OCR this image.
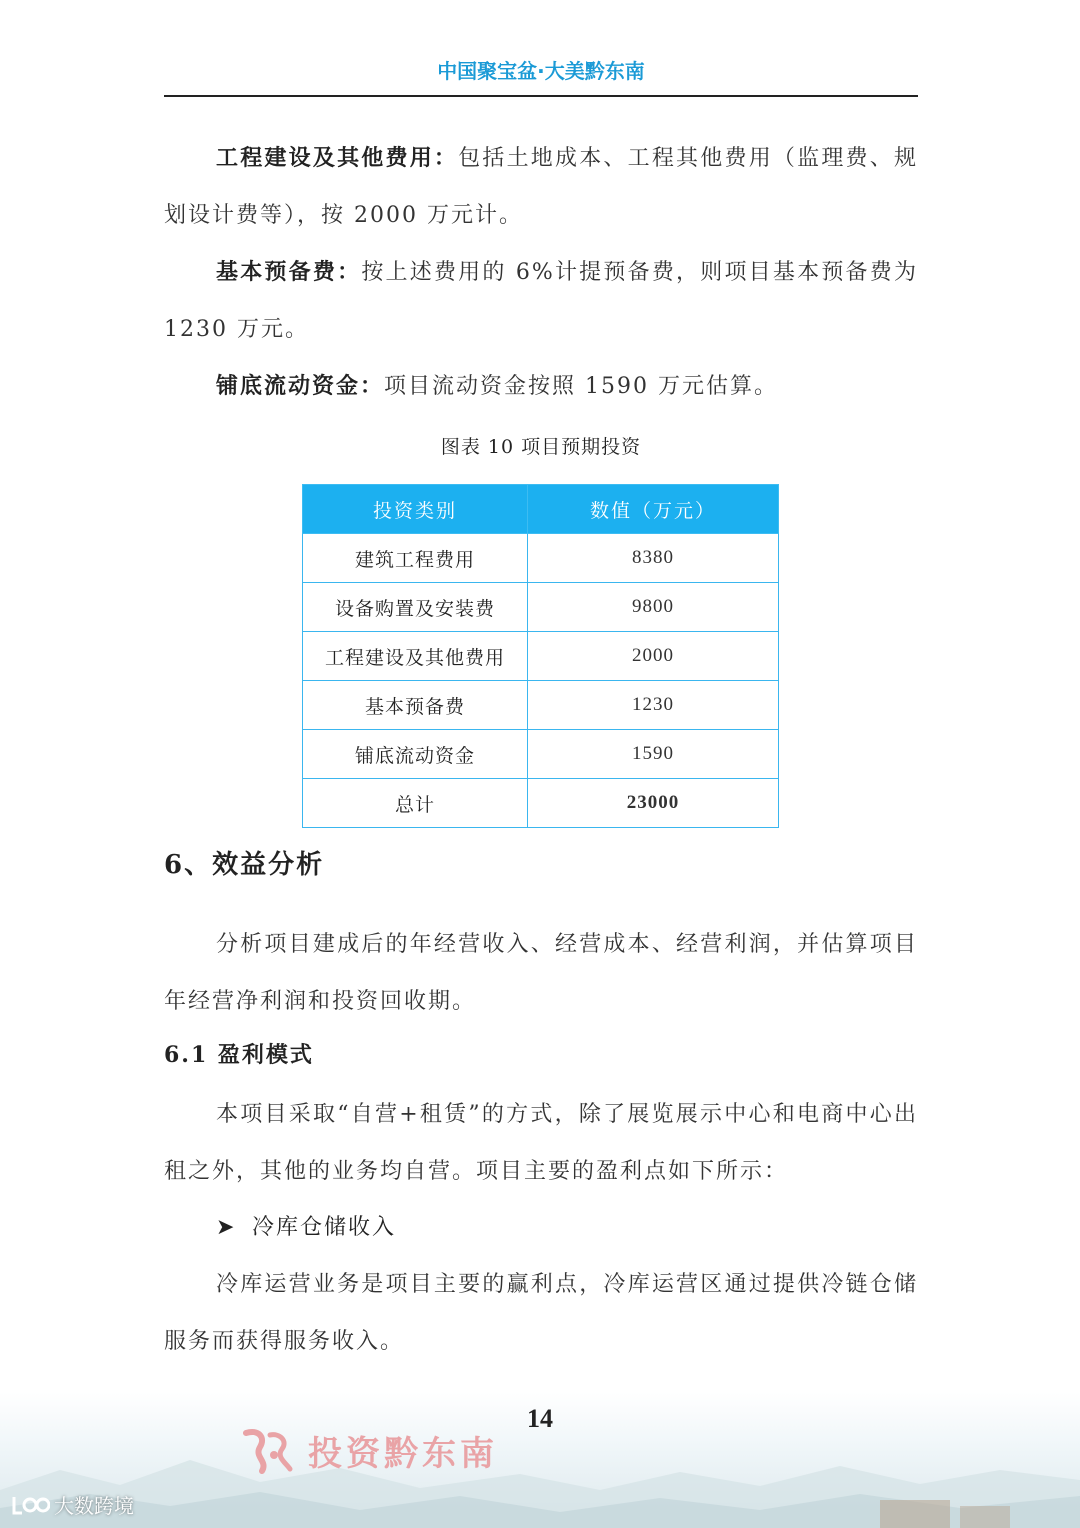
中国聚宝盆·大美黔东南

工程建设及其他费用：包括土地成本、工程其他费用（监理费、规划设计费等），按 2000 万元计。

基本预备费：按上述费用的 6%计提预备费，则项目基本预备费为 1230 万元。

铺底流动资金：项目流动资金按照 1590 万元估算。

图表 10 项目预期投资
投资类别	数值（万元）
建筑工程费用	8380
设备购置及安装费	9800
工程建设及其他费用	2000
基本预备费	1230
铺底流动资金	1590
总计	23000
6、效益分析

分析项目建成后的年经营收入、经营成本、经营利润，并估算项目年经营净利润和投资回收期。

6.1 盈利模式

本项目采取“自营+租赁”的方式，除了展览展示中心和电商中心出租之外，其他的业务均自营。项目主要的盈利点如下所示：

➤ 冷库仓储收入

冷库运营业务是项目主要的赢利点，冷库运营区通过提供冷链仓储服务而获得服务收入。

14
投资黔东南
大数跨境
